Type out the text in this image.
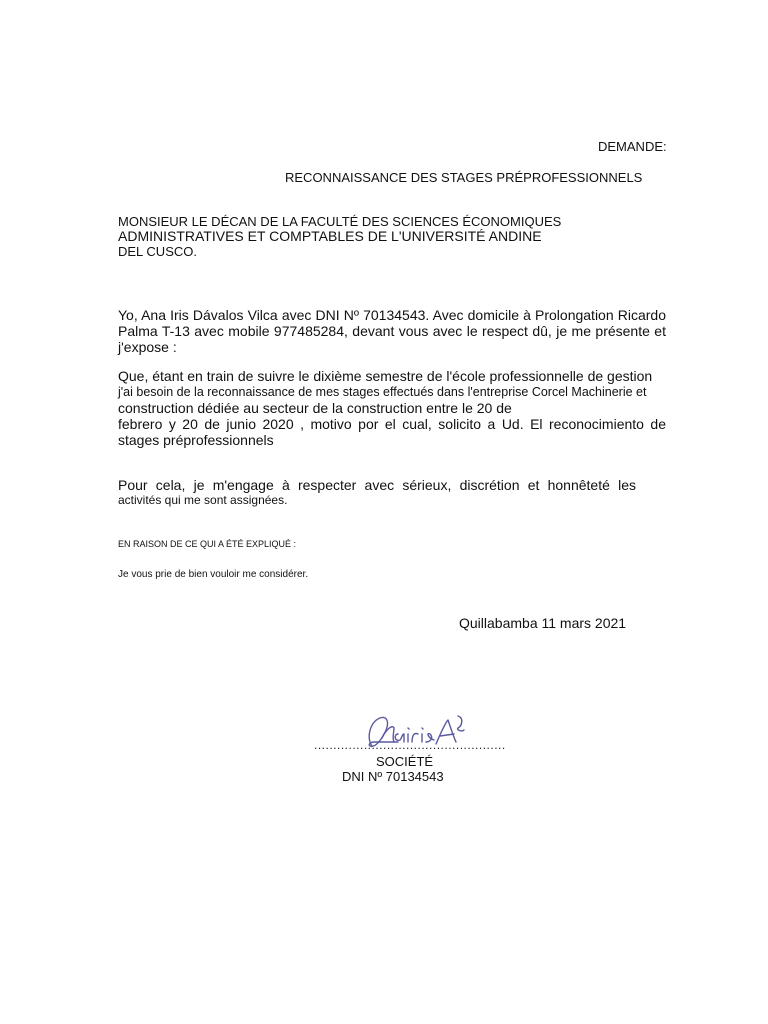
DEMANDE:
RECONNAISSANCE DES STAGES PRÉPROFESSIONNELS
MONSIEUR LE DÉCAN DE LA FACULTÉ DES SCIENCES ÉCONOMIQUES
ADMINISTRATIVES ET COMPTABLES DE L'UNIVERSITÉ ANDINE
DEL CUSCO.
Yo, Ana Iris Dávalos Vilca avec DNI Nº 70134543. Avec domicile à Prolongation Ricardo
Palma T-13 avec mobile 977485284, devant vous avec le respect dû, je me présente et
j'expose :
Que, étant en train de suivre le dixième semestre de l'école professionnelle de gestion
j'ai besoin de la reconnaissance de mes stages effectués dans l'entreprise Corcel Machinerie et
construction dédiée au secteur de la construction entre le 20 de
febrero y 20 de junio 2020 , motivo por el cual, solicito a Ud. El reconocimiento de
stages préprofessionnels
Pour cela, je m'engage à respecter avec sérieux, discrétion et honnêteté les
activités qui me sont assignées.
EN RAISON DE CE QUI A ÉTÉ EXPLIQUÉ :
Je vous prie de bien vouloir me considérer.
Quillabamba 11 mars 2021
..................................................
SOCIÉTÉ
DNI Nº 70134543
